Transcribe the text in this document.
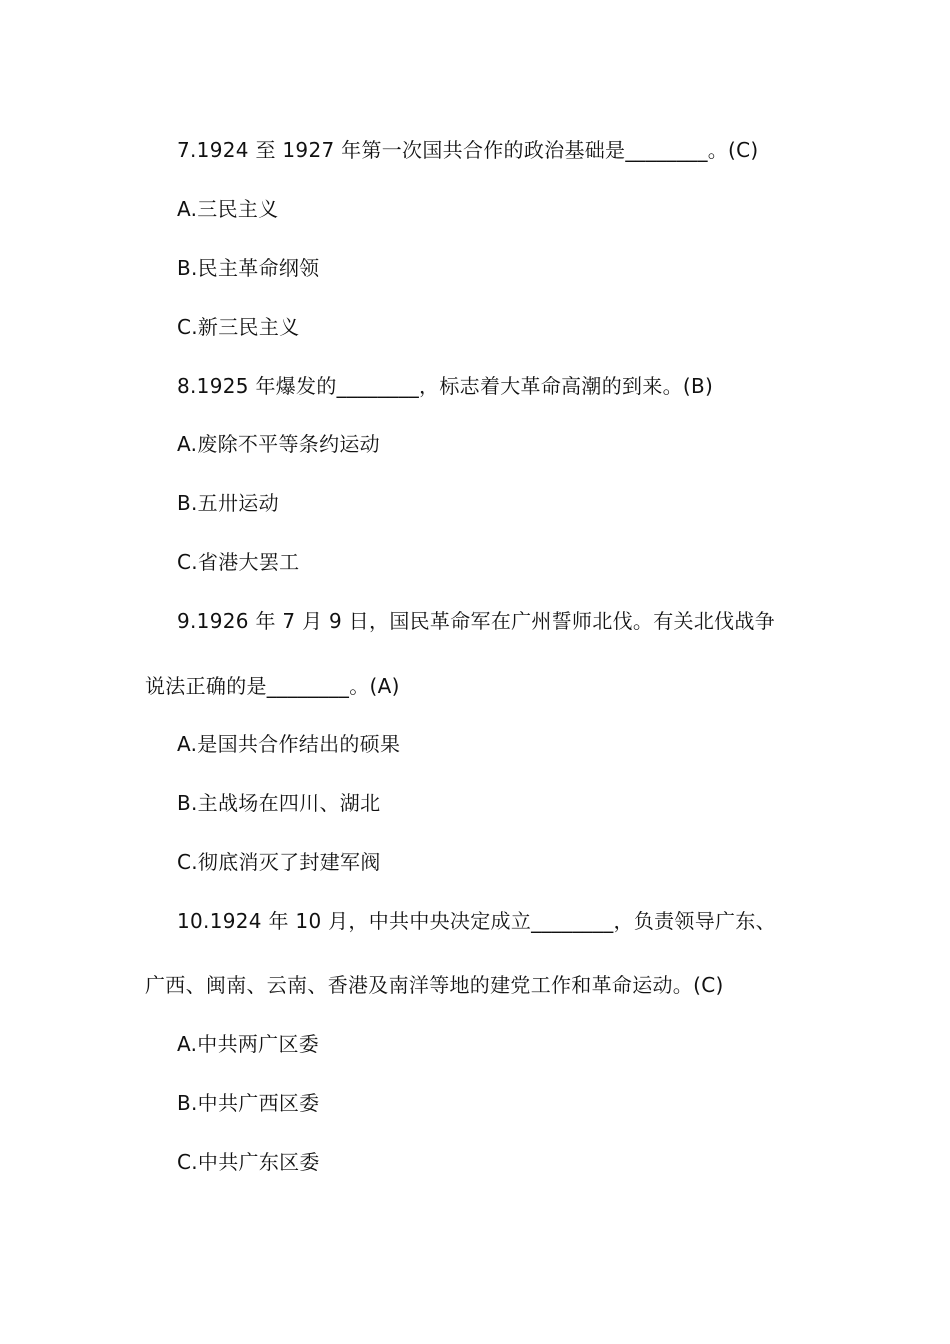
7.1924 至 1927 年第一次国共合作的政治基础是________。(C)
A.三民主义
B.民主革命纲领
C.新三民主义
8.1925 年爆发的________，标志着大革命高潮的到来。(B)
A.废除不平等条约运动
B.五卅运动
C.省港大罢工
9.1926 年 7 月 9 日，国民革命军在广州誓师北伐。有关北伐战争
说法正确的是________。(A)
A.是国共合作结出的硕果
B.主战场在四川、湖北
C.彻底消灭了封建军阀
10.1924 年 10 月，中共中央决定成立________，负责领导广东、
广西、闽南、云南、香港及南洋等地的建党工作和革命运动。(C)
A.中共两广区委
B.中共广西区委
C.中共广东区委
